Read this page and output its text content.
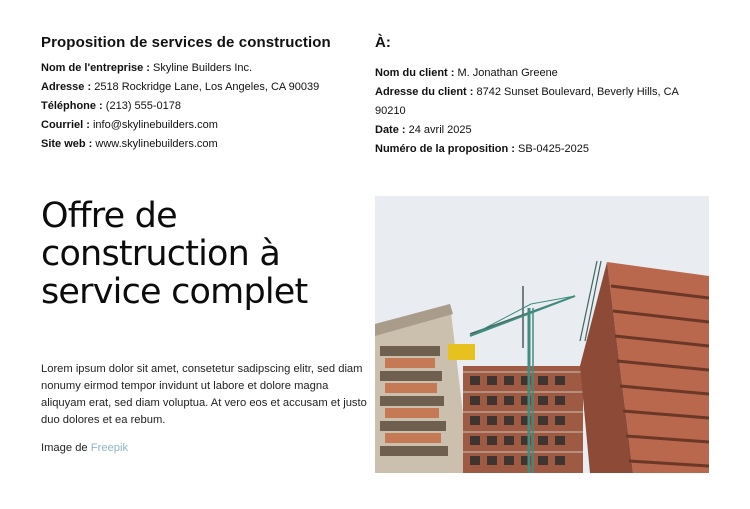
Proposition de services de construction

Nom de l'entreprise : Skyline Builders Inc.

Adresse : 2518 Rockridge Lane, Los Angeles, CA 90039

Téléphone : (213) 555-0178

Courriel : info@skylinebuilders.com

Site web : www.skylinebuilders.com

À:

Nom du client : M. Jonathan Greene

Adresse du client : 8742 Sunset Boulevard, Beverly Hills, CA 90210

Date : 24 avril 2025

Numéro de la proposition : SB-0425-2025

Offre de construction à service complet

Lorem ipsum dolor sit amet, consetetur sadipscing elitr, sed diam nonumy eirmod tempor invidunt ut labore et dolore magna aliquyam erat, sed diam voluptua. At vero eos et accusam et justo duo dolores et ea rebum.

Image de Freepik
